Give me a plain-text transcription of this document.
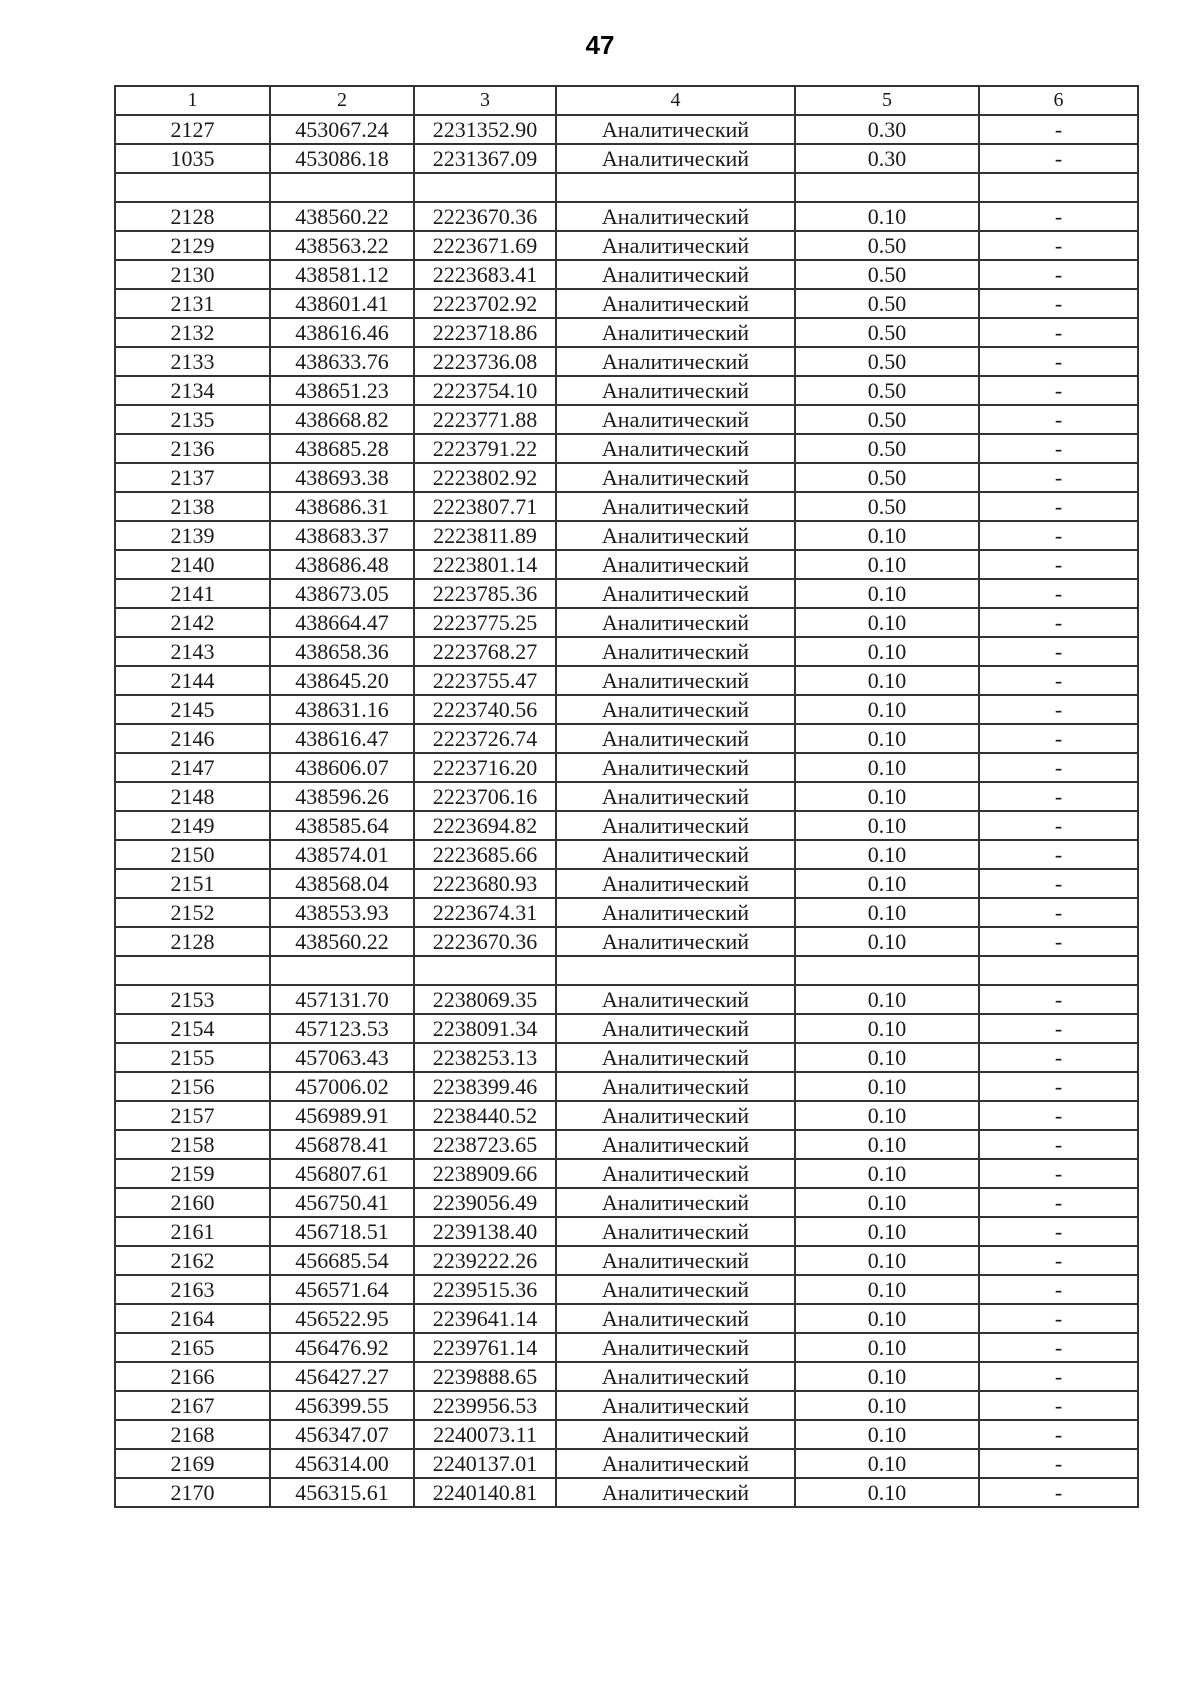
47
1	2	3	4	5	6
2127	453067.24	2231352.90	Аналитический	0.30	-
1035	453086.18	2231367.09	Аналитический	0.30	-

2128	438560.22	2223670.36	Аналитический	0.10	-
2129	438563.22	2223671.69	Аналитический	0.50	-
2130	438581.12	2223683.41	Аналитический	0.50	-
2131	438601.41	2223702.92	Аналитический	0.50	-
2132	438616.46	2223718.86	Аналитический	0.50	-
2133	438633.76	2223736.08	Аналитический	0.50	-
2134	438651.23	2223754.10	Аналитический	0.50	-
2135	438668.82	2223771.88	Аналитический	0.50	-
2136	438685.28	2223791.22	Аналитический	0.50	-
2137	438693.38	2223802.92	Аналитический	0.50	-
2138	438686.31	2223807.71	Аналитический	0.50	-
2139	438683.37	2223811.89	Аналитический	0.10	-
2140	438686.48	2223801.14	Аналитический	0.10	-
2141	438673.05	2223785.36	Аналитический	0.10	-
2142	438664.47	2223775.25	Аналитический	0.10	-
2143	438658.36	2223768.27	Аналитический	0.10	-
2144	438645.20	2223755.47	Аналитический	0.10	-
2145	438631.16	2223740.56	Аналитический	0.10	-
2146	438616.47	2223726.74	Аналитический	0.10	-
2147	438606.07	2223716.20	Аналитический	0.10	-
2148	438596.26	2223706.16	Аналитический	0.10	-
2149	438585.64	2223694.82	Аналитический	0.10	-
2150	438574.01	2223685.66	Аналитический	0.10	-
2151	438568.04	2223680.93	Аналитический	0.10	-
2152	438553.93	2223674.31	Аналитический	0.10	-
2128	438560.22	2223670.36	Аналитический	0.10	-

2153	457131.70	2238069.35	Аналитический	0.10	-
2154	457123.53	2238091.34	Аналитический	0.10	-
2155	457063.43	2238253.13	Аналитический	0.10	-
2156	457006.02	2238399.46	Аналитический	0.10	-
2157	456989.91	2238440.52	Аналитический	0.10	-
2158	456878.41	2238723.65	Аналитический	0.10	-
2159	456807.61	2238909.66	Аналитический	0.10	-
2160	456750.41	2239056.49	Аналитический	0.10	-
2161	456718.51	2239138.40	Аналитический	0.10	-
2162	456685.54	2239222.26	Аналитический	0.10	-
2163	456571.64	2239515.36	Аналитический	0.10	-
2164	456522.95	2239641.14	Аналитический	0.10	-
2165	456476.92	2239761.14	Аналитический	0.10	-
2166	456427.27	2239888.65	Аналитический	0.10	-
2167	456399.55	2239956.53	Аналитический	0.10	-
2168	456347.07	2240073.11	Аналитический	0.10	-
2169	456314.00	2240137.01	Аналитический	0.10	-
2170	456315.61	2240140.81	Аналитический	0.10	-
